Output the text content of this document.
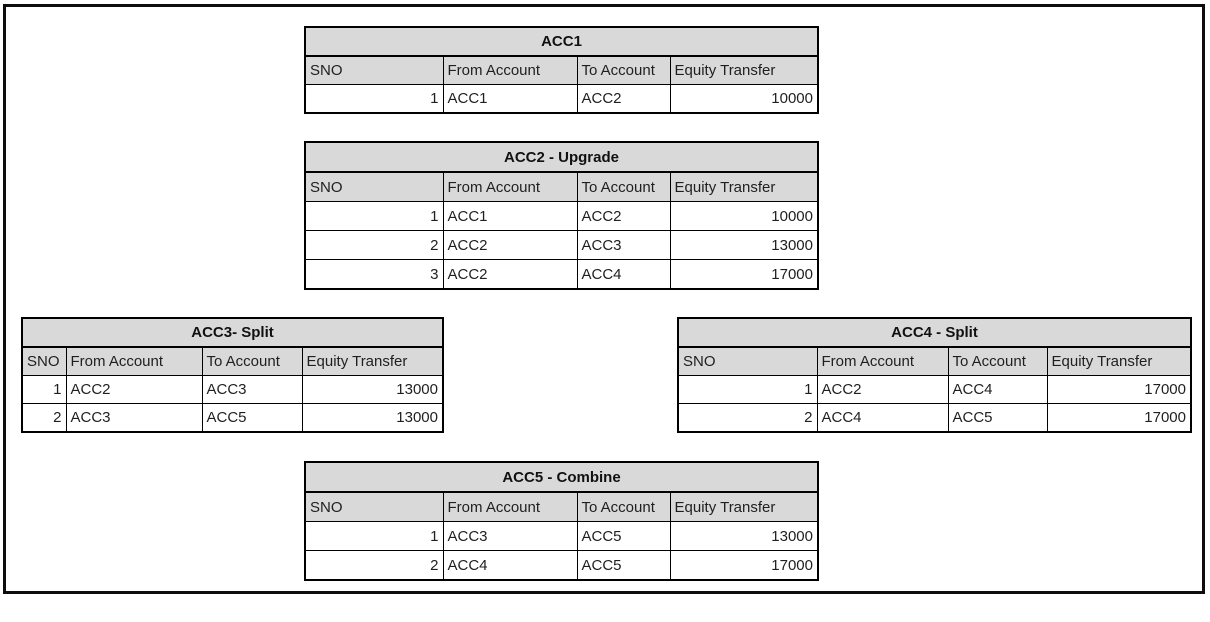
ACC1			
SNO	From Account	To Account	Equity Transfer
1	ACC1	ACC2	10000
ACC2 - Upgrade			
SNO	From Account	To Account	Equity Transfer
1	ACC1	ACC2	10000
2	ACC2	ACC3	13000
3	ACC2	ACC4	17000
ACC3- Split			
SNO	From Account	To Account	Equity Transfer
1	ACC2	ACC3	13000
2	ACC3	ACC5	13000
ACC4 - Split			
SNO	From Account	To Account	Equity Transfer
1	ACC2	ACC4	17000
2	ACC4	ACC5	17000
ACC5 - Combine			
SNO	From Account	To Account	Equity Transfer
1	ACC3	ACC5	13000
2	ACC4	ACC5	17000
